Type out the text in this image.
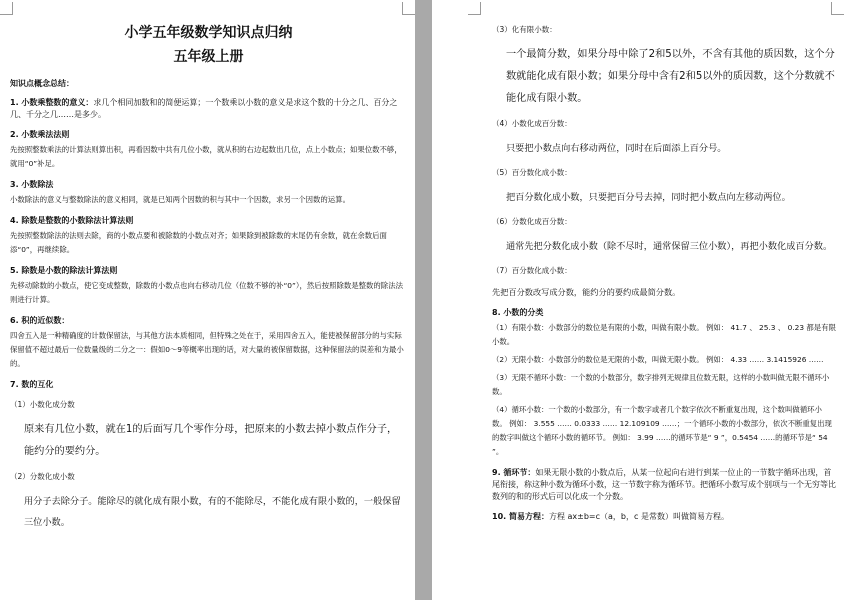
小学五年级数学知识点归纳
五年级上册
知识点概念总结：
1. 小数乘整数的意义：求几个相同加数和的简便运算；一个数乘以小数的意义是求这个数的十分之几、百分之几、千分之几……是多少。
2. 小数乘法法则

先按照整数乘法的计算法则算出积，再看因数中共有几位小数，就从积的右边起数出几位，点上小数点；如果位数不够，就用“0”补足。

3. 小数除法

小数除法的意义与整数除法的意义相同，就是已知两个因数的积与其中一个因数，求另一个因数的运算。

4. 除数是整数的小数除法计算法则

先按照整数除法的法则去除，商的小数点要和被除数的小数点对齐；如果除到被除数的末尾仍有余数，就在余数后面添“0”，再继续除。

5. 除数是小数的除法计算法则

先移动除数的小数点，使它变成整数，除数的小数点也向右移动几位（位数不够的补“0”），然后按照除数是整数的除法法则进行计算。

6. 积的近似数：

四舍五入是一种精确度的计数保留法，与其他方法本质相同，但特殊之处在于，采用四舍五入，能使被保留部分的与实际保留值不超过最后一位数量级的二分之一：假如0～9等概率出现的话，对大量的被保留数据，这种保留法的误差和为最小的。

7. 数的互化
（1）小数化成分数

原来有几位小数，就在1的后面写几个零作分母，把原来的小数去掉小数点作分子，能约分的要约分。

（2）分数化成小数

用分子去除分子。能除尽的就化成有限小数，有的不能除尽，不能化成有限小数的，一般保留三位小数。

（3）化有限小数：

一个最简分数，如果分母中除了2和5以外，不含有其他的质因数，这个分数就能化成有限小数；如果分母中含有2和5以外的质因数，这个分数就不能化成有限小数。

（4）小数化成百分数：

只要把小数点向右移动两位，同时在后面添上百分号。

（5）百分数化成小数：

把百分数化成小数，只要把百分号去掉，同时把小数点向左移动两位。

（6）分数化成百分数：

通常先把分数化成小数（除不尽时，通常保留三位小数），再把小数化成百分数。

（7）百分数化成小数：

先把百分数改写成分数，能约分的要约成最简分数。

8. 小数的分类

（1）有限小数：小数部分的数位是有限的小数，叫做有限小数。 例如： 41.7 、 25.3 、 0.23 都是有限小数。

（2）无限小数：小数部分的数位是无限的小数，叫做无限小数。 例如： 4.33 …… 3.1415926 ……

（3）无限不循环小数：一个数的小数部分，数字排列无规律且位数无限，这样的小数叫做无限不循环小数。

（4）循环小数：一个数的小数部分，有一个数字或者几个数字依次不断重复出现，这个数叫做循环小数。 例如： 3.555 …… 0.0333 …… 12.109109 ……；一个循环小数的小数部分，依次不断重复出现的数字叫做这个循环小数的循环节。 例如： 3.99 ……的循环节是“ 9 ”，0.5454 ……的循环节是“ 54 ”。

9. 循环节：如果无限小数的小数点后，从某一位起向右进行到某一位止的一节数字循环出现，首尾衔接，称这种小数为循环小数，这一节数字称为循环节。把循环小数写成个别项与一个无穷等比数列的和的形式后可以化成一个分数。
10. 简易方程：方程 ax±b=c（a，b，c 是常数）叫做简易方程。
